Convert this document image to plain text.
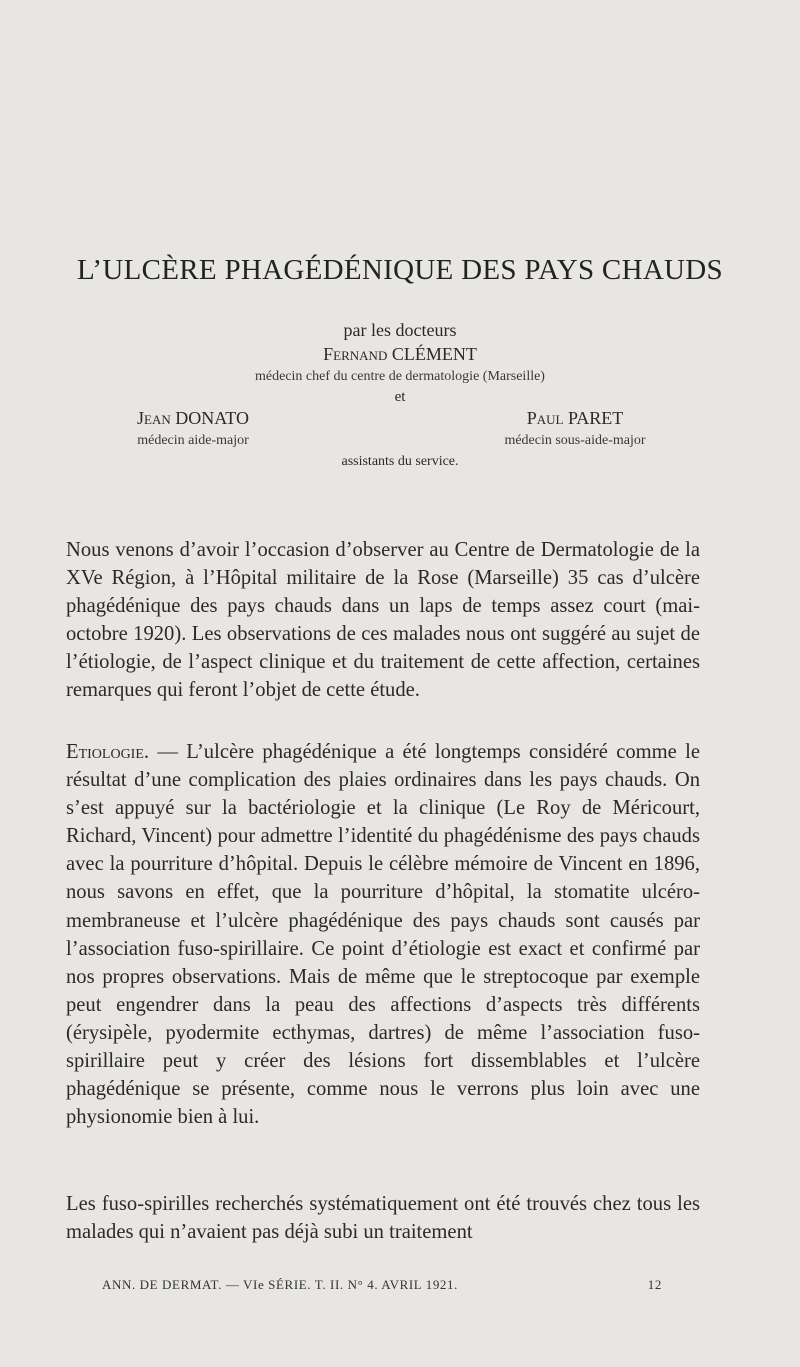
L’ULCÈRE PHAGÉDÉNIQUE DES PAYS CHAUDS
par les docteurs
Fernand CLÉMENT
médecin chef du centre de dermatologie (Marseille)
et
Jean DONATO
médecin aide-major
Paul PARET
médecin sous-aide-major
assistants du service.

Nous venons d’avoir l’occasion d’observer au Centre de Dermatologie de la XVe Région, à l’Hôpital militaire de la Rose (Marseille) 35 cas d’ulcère phagédénique des pays chauds dans un laps de temps assez court (mai-octobre 1920). Les observations de ces malades nous ont suggéré au sujet de l’étiologie, de l’aspect clinique et du traitement de cette affection, certaines remarques qui feront l’objet de cette étude.

Etiologie. — L’ulcère phagédénique a été longtemps considéré comme le résultat d’une complication des plaies ordinaires dans les pays chauds. On s’est appuyé sur la bactériologie et la clinique (Le Roy de Méricourt, Richard, Vincent) pour admettre l’identité du phagédénisme des pays chauds avec la pourriture d’hôpital. Depuis le célèbre mémoire de Vincent en 1896, nous savons en effet, que la pourriture d’hôpital, la stomatite ulcéro-membraneuse et l’ulcère phagédénique des pays chauds sont causés par l’association fuso-spirillaire. Ce point d’étiologie est exact et confirmé par nos propres observations. Mais de même que le streptocoque par exemple peut engendrer dans la peau des affections d’aspects très différents (érysipèle, pyodermite ecthymas, dartres) de même l’association fuso-spirillaire peut y créer des lésions fort dissemblables et l’ulcère phagédénique se présente, comme nous le verrons plus loin avec une physionomie bien à lui.

Les fuso-spirilles recherchés systématiquement ont été trouvés chez tous les malades qui n’avaient pas déjà subi un traitement

ANN. DE DERMAT. — VIe SÉRIE. T. II. N° 4. AVRIL 1921.	12
